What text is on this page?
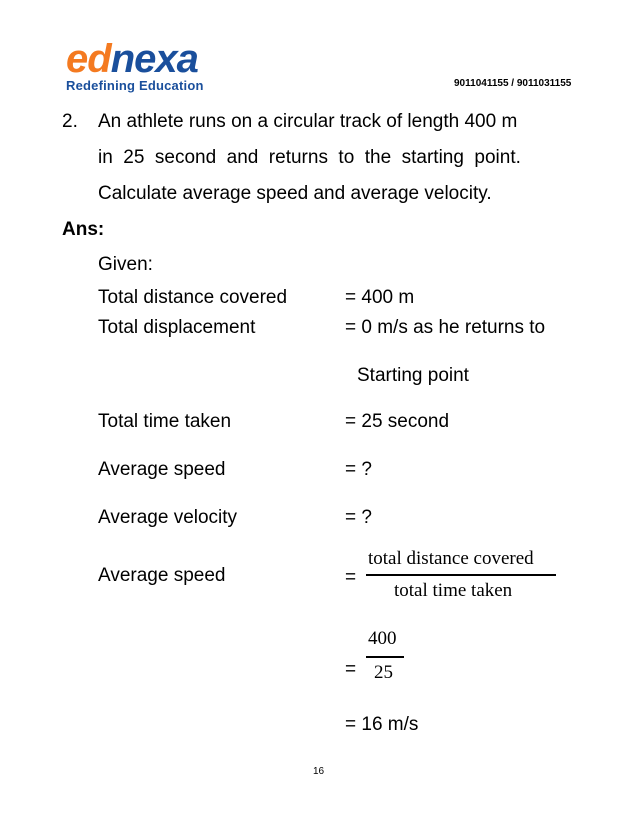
ednexa
Redefining Education	9011041155 / 9011031155
2. An athlete runs on a circular track of length 400 m
in 25 second and returns to the starting point.
Calculate average speed and average velocity.
Ans:
Given:
Total distance covered	= 400 m
Total displacement	= 0 m/s as he returns to
Starting point
Total time taken	= 25 second
Average speed	= ?
Average velocity	= ?
Average speed	=
total distance covered
total time taken
=
400
25
= 16 m/s
16
